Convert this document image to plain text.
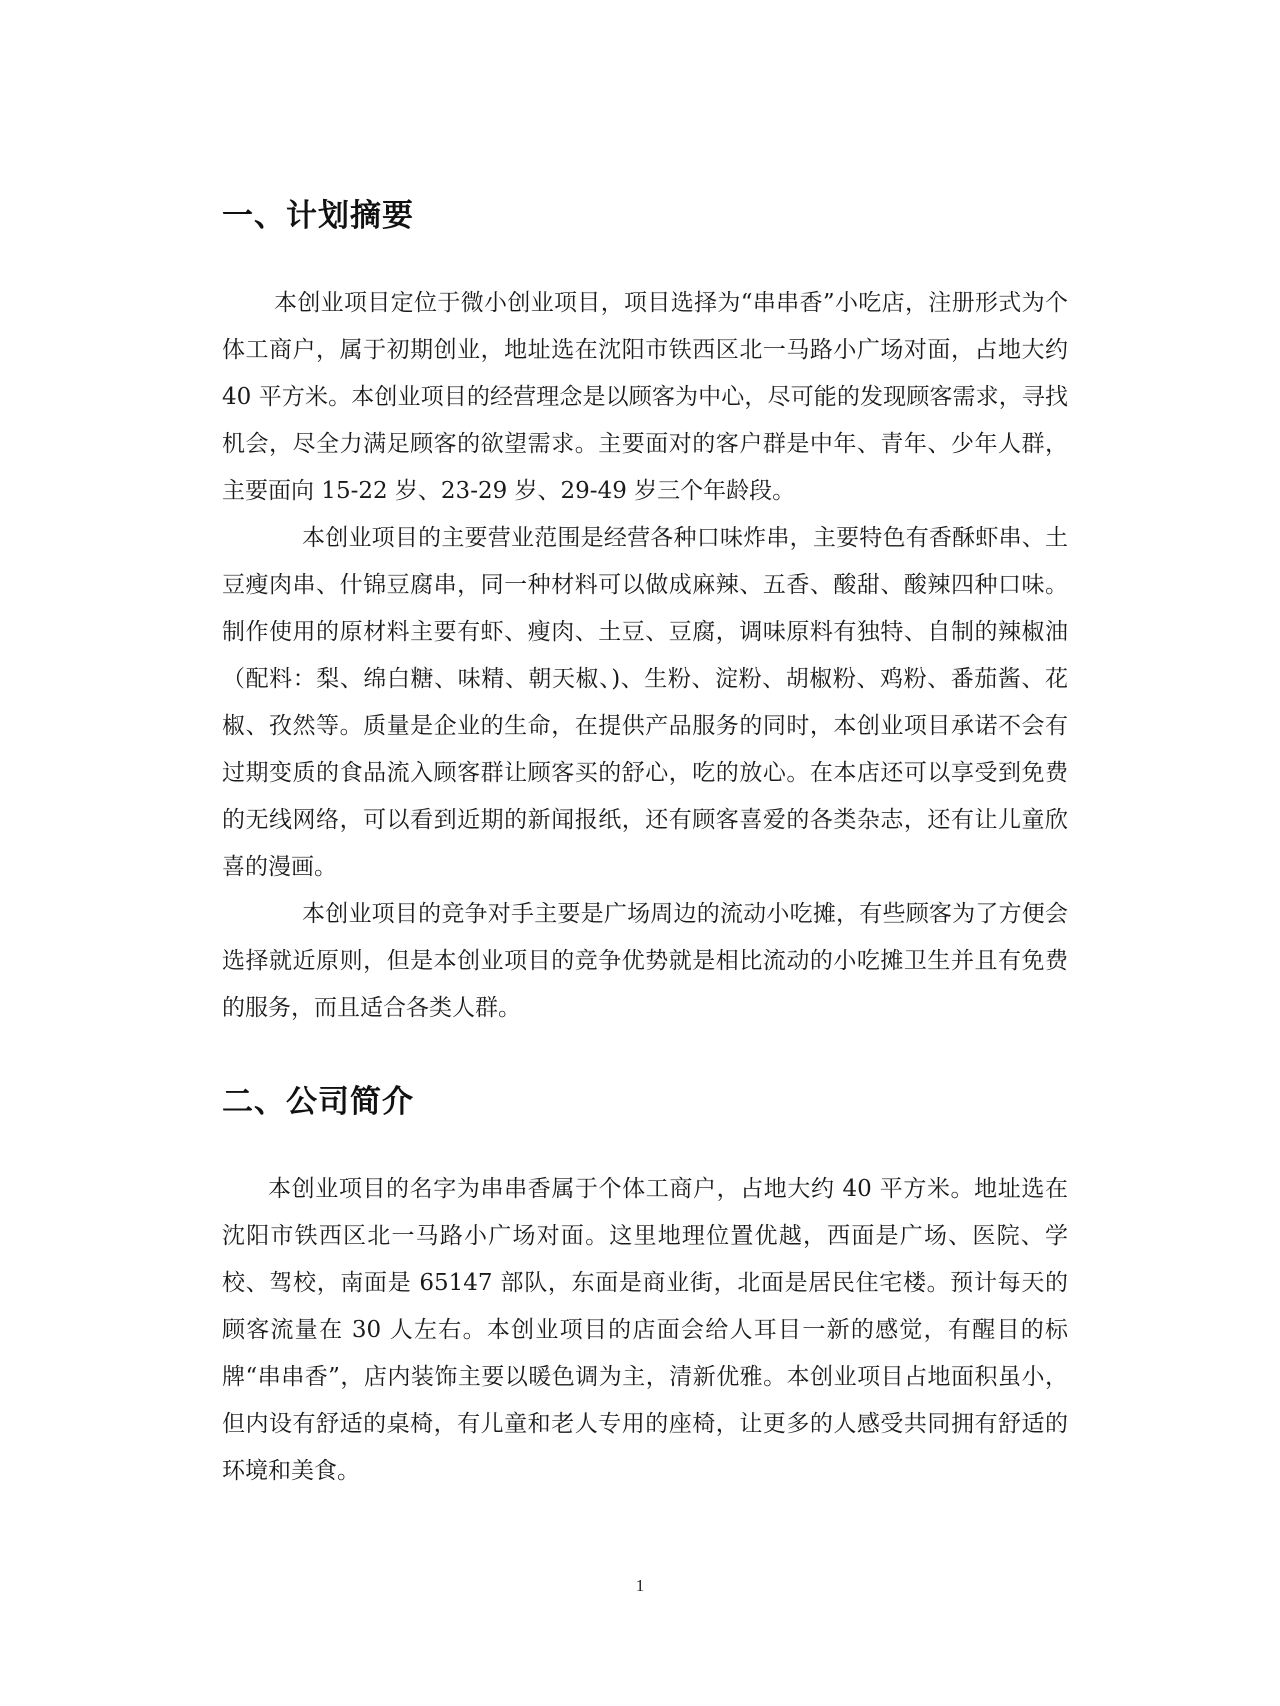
一、计划摘要

本创业项目定位于微小创业项目，项目选择为“串串香”小吃店，注册形式为个体工商户，属于初期创业，地址选在沈阳市铁西区北一马路小广场对面，占地大约 40 平方米。本创业项目的经营理念是以顾客为中心，尽可能的发现顾客需求，寻找机会，尽全力满足顾客的欲望需求。主要面对的客户群是中年、青年、少年人群，主要面向 15-22 岁、23-29 岁、29-49 岁三个年龄段。

本创业项目的主要营业范围是经营各种口味炸串，主要特色有香酥虾串、土豆瘦肉串、什锦豆腐串，同一种材料可以做成麻辣、五香、酸甜、酸辣四种口味。制作使用的原材料主要有虾、瘦肉、土豆、豆腐，调味原料有独特、自制的辣椒油（配料：梨、绵白糖、味精、朝天椒、)、生粉、淀粉、胡椒粉、鸡粉、番茄酱、花椒、孜然等。质量是企业的生命，在提供产品服务的同时，本创业项目承诺不会有过期变质的食品流入顾客群让顾客买的舒心，吃的放心。在本店还可以享受到免费的无线网络，可以看到近期的新闻报纸，还有顾客喜爱的各类杂志，还有让儿童欣喜的漫画。

本创业项目的竞争对手主要是广场周边的流动小吃摊，有些顾客为了方便会选择就近原则，但是本创业项目的竞争优势就是相比流动的小吃摊卫生并且有免费的服务，而且适合各类人群。

二、公司简介

本创业项目的名字为串串香属于个体工商户，占地大约 40 平方米。地址选在沈阳市铁西区北一马路小广场对面。这里地理位置优越，西面是广场、医院、学校、驾校，南面是 65147 部队，东面是商业街，北面是居民住宅楼。预计每天的顾客流量在 30 人左右。本创业项目的店面会给人耳目一新的感觉，有醒目的标牌“串串香”，店内装饰主要以暖色调为主，清新优雅。本创业项目占地面积虽小，但内设有舒适的桌椅，有儿童和老人专用的座椅，让更多的人感受共同拥有舒适的环境和美食。

1
